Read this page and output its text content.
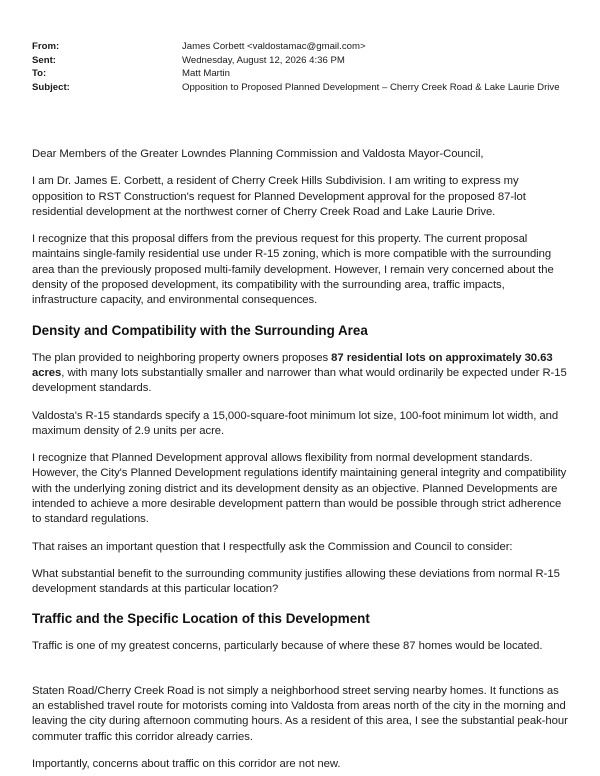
From:	James Corbett <valdostamac@gmail.com>
Sent:	Wednesday, August 12, 2026 4:36 PM
To:	Matt Martin
Subject:	Opposition to Proposed Planned Development – Cherry Creek Road & Lake Laurie Drive

Dear Members of the Greater Lowndes Planning Commission and Valdosta Mayor-Council,

I am Dr. James E. Corbett, a resident of Cherry Creek Hills Subdivision. I am writing to express my opposition to RST Construction's request for Planned Development approval for the proposed 87-lot residential development at the northwest corner of Cherry Creek Road and Lake Laurie Drive.

I recognize that this proposal differs from the previous request for this property. The current proposal maintains single-family residential use under R-15 zoning, which is more compatible with the surrounding area than the previously proposed multi-family development. However, I remain very concerned about the density of the proposed development, its compatibility with the surrounding area, traffic impacts, infrastructure capacity, and environmental consequences.

Density and Compatibility with the Surrounding Area

The plan provided to neighboring property owners proposes 87 residential lots on approximately 30.63 acres, with many lots substantially smaller and narrower than what would ordinarily be expected under R-15 development standards.

Valdosta's R-15 standards specify a 15,000-square-foot minimum lot size, 100-foot minimum lot width, and maximum density of 2.9 units per acre.

I recognize that Planned Development approval allows flexibility from normal development standards. However, the City's Planned Development regulations identify maintaining general integrity and compatibility with the underlying zoning district and its development density as an objective. Planned Developments are intended to achieve a more desirable development pattern than would be possible through strict adherence to standard regulations.

That raises an important question that I respectfully ask the Commission and Council to consider:

What substantial benefit to the surrounding community justifies allowing these deviations from normal R-15 development standards at this particular location?

Traffic and the Specific Location of this Development

Traffic is one of my greatest concerns, particularly because of where these 87 homes would be located.

Staten Road/Cherry Creek Road is not simply a neighborhood street serving nearby homes. It functions as an established travel route for motorists coming into Valdosta from areas north of the city in the morning and leaving the city during afternoon commuting hours. As a resident of this area, I see the substantial peak-hour commuter traffic this corridor already carries.

Importantly, concerns about traffic on this corridor are not new.
